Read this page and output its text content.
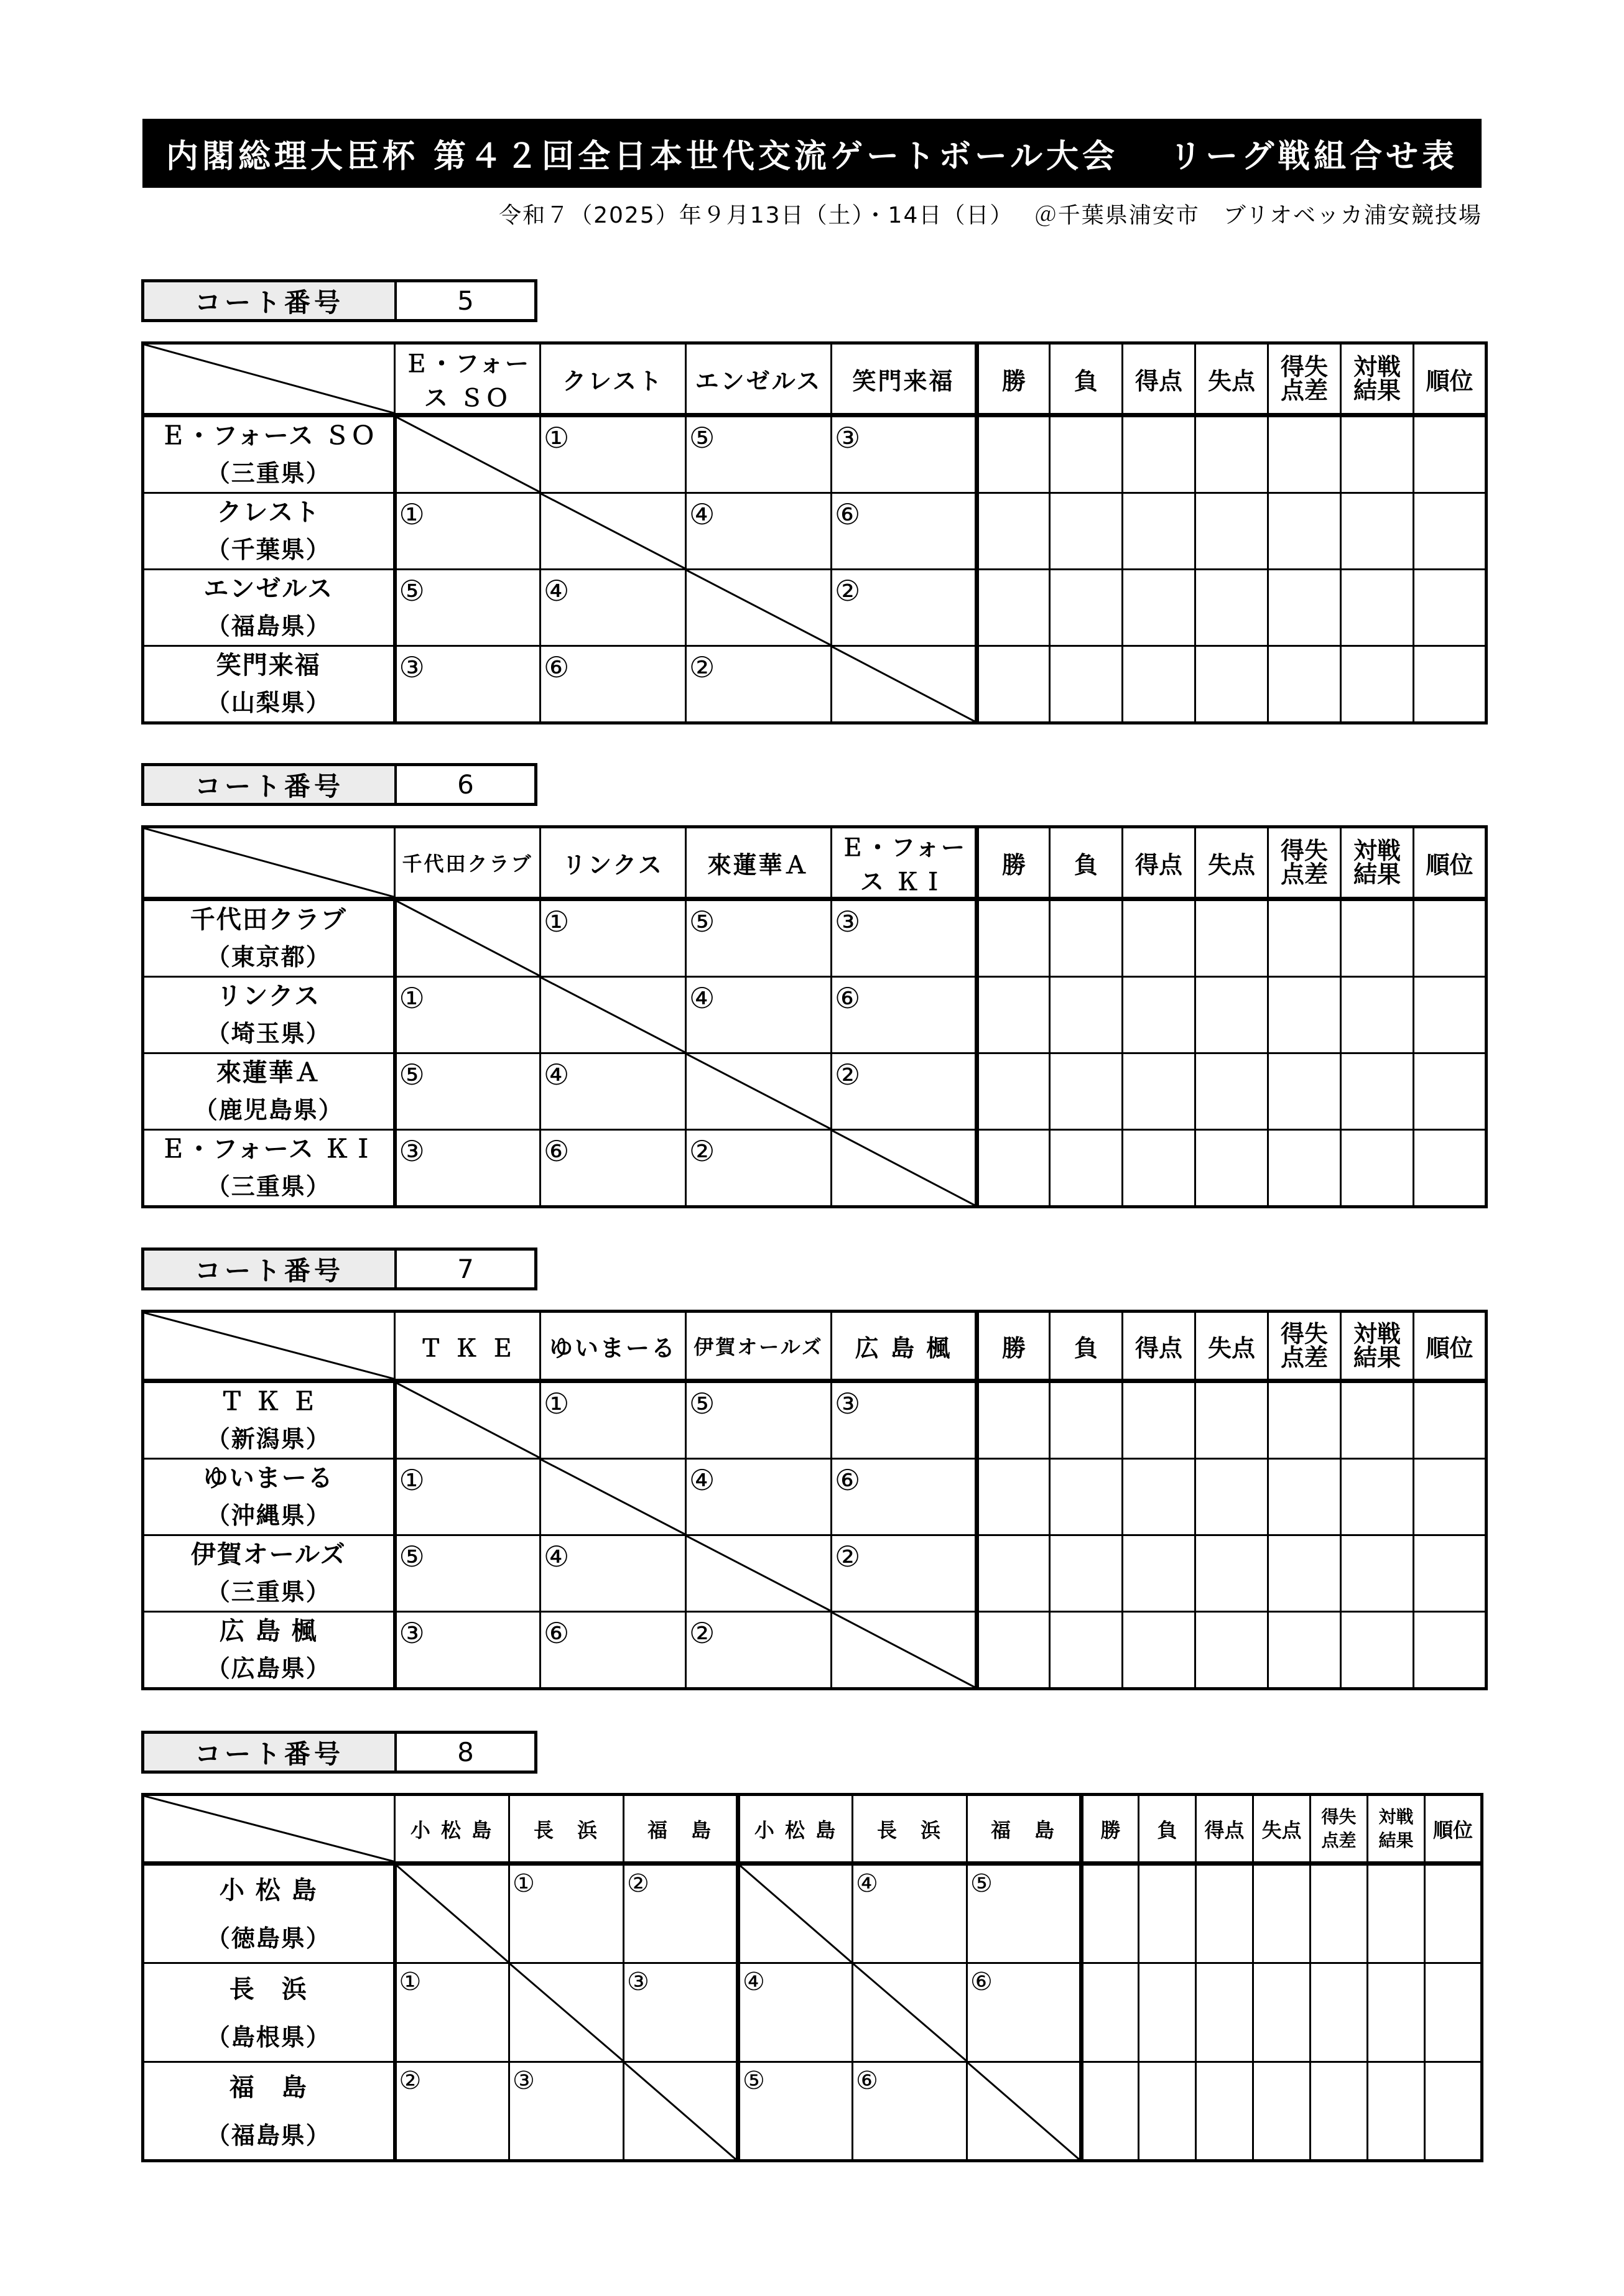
内閣総理大臣杯 第４２回全日本世代交流ゲートボール大会　 リーグ戦組合せ表
令和７（2025）年９月13日（土）・14日（日）　 ＠千葉県浦安市　ブリオベッカ浦安競技場
コート番号	5
	Ｅ・フォース ＳＯ	クレスト	エンゼルス	笑門来福	勝	負	得点	失点	得失
点差	対戦
結果	順位

Ｅ・フォース ＳＯ
（三重県）		①	⑤	③							

クレスト
（千葉県）	①		④	⑥							

エンゼルス
（福島県）	⑤	④		②							

笑門来福
（山梨県）	③	⑥	②	

コート番号	6
	千代田クラブ	リンクス	來蓮華Ａ	Ｅ・フォース ＫＩ	勝	負	得点	失点	得失
点差	対戦
結果	順位

千代田クラブ
（東京都）		①	⑤	③							

リンクス
（埼玉県）	①		④	⑥							

來蓮華Ａ
（鹿児島県）	⑤	④		②							

Ｅ・フォース ＫＩ
（三重県）	③	⑥	②	

コート番号	7
	Ｔ Ｋ Ｅ	ゆいまーる	伊賀オールズ	広 島 楓	勝	負	得点	失点	得失
点差	対戦
結果	順位

Ｔ Ｋ Ｅ
（新潟県）		①	⑤	③							

ゆいまーる
（沖縄県）	①		④	⑥							

伊賀オールズ
（三重県）	⑤	④		②							

広 島 楓
（広島県）	③	⑥	②	

コート番号	8
	小 松 島	長　浜	福　島	小 松 島	長　浜	福　島	勝	負	得点	失点	得失
点差	対戦
結果	順位

小 松 島
（徳島県）		①	②		④	⑤							

長　浜
（島根県）	①		③	④		⑥							

福　島
（福島県）	②	③		⑤	⑥	
